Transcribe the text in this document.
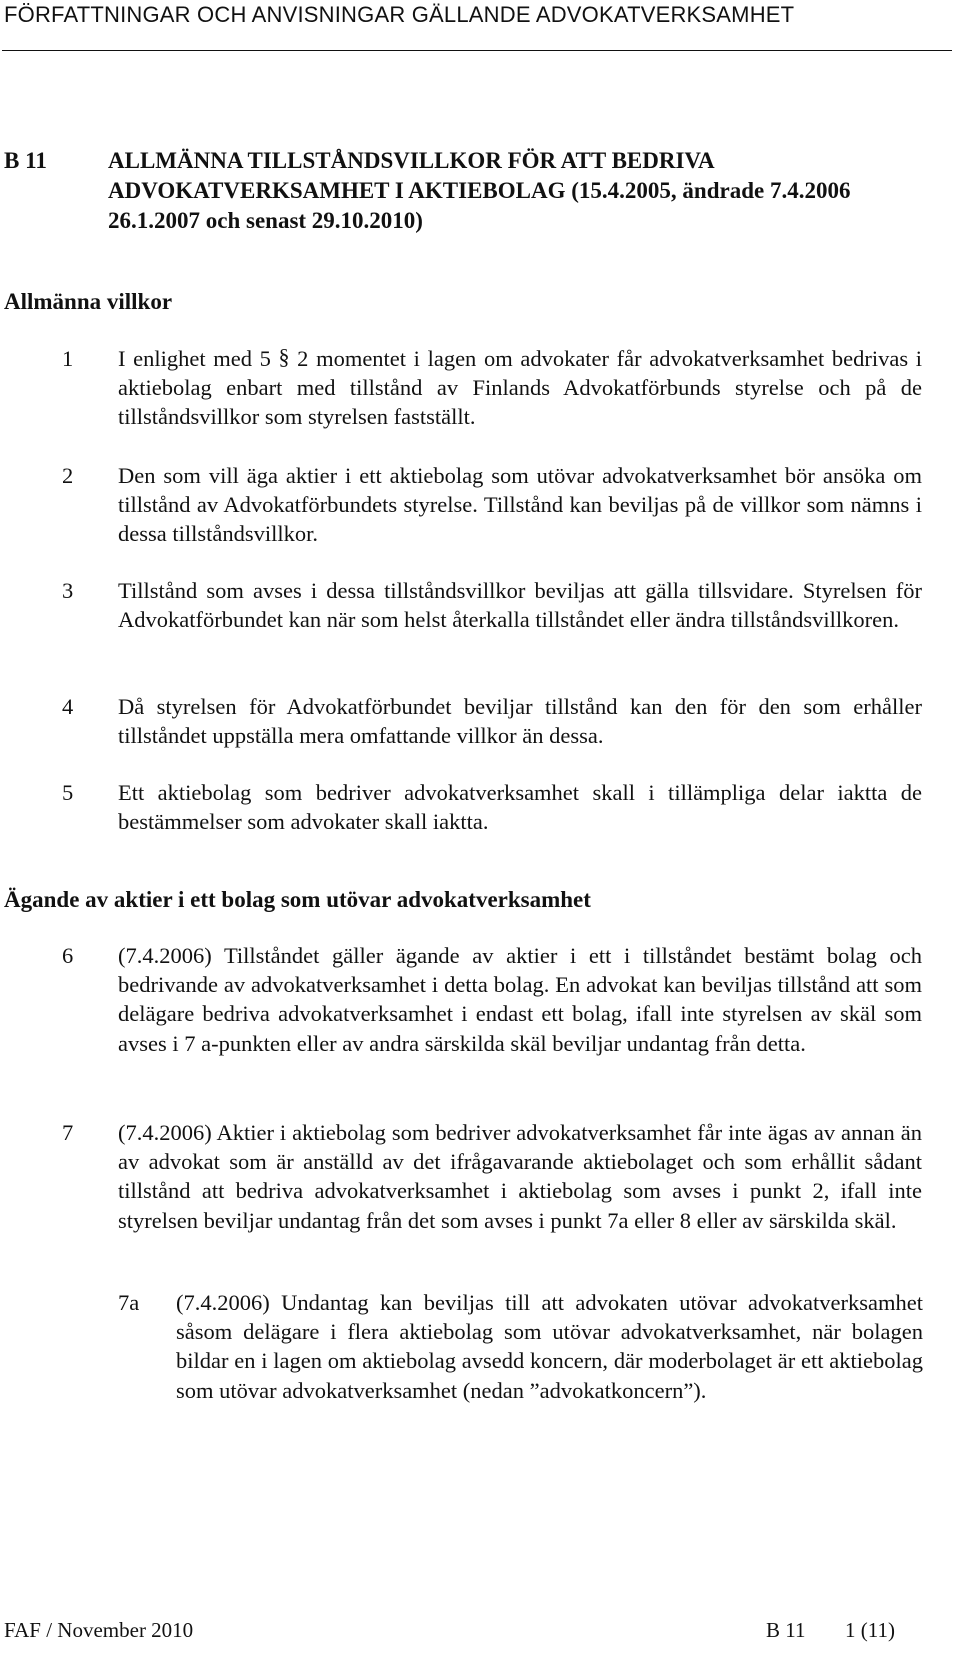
FÖRFATTNINGAR OCH ANVISNINGAR GÄLLANDE ADVOKATVERKSAMHET
B 11	ALLMÄNNA TILLSTÅNDSVILLKOR FÖR ATT BEDRIVA ADVOKATVERKSAMHET I AKTIEBOLAG (15.4.2005, ändrade 7.4.2006 26.1.2007 och senast 29.10.2010)
Allmänna villkor
1 I enlighet med 5 § 2 momentet i lagen om advokater får advokatverksamhet bedrivas i aktiebolag enbart med tillstånd av Finlands Advokatförbunds styrelse och på de tillståndsvillkor som styrelsen fastställt.
2 Den som vill äga aktier i ett aktiebolag som utövar advokatverksamhet bör ansöka om tillstånd av Advokatförbundets styrelse. Tillstånd kan beviljas på de villkor som nämns i dessa tillståndsvillkor.
3 Tillstånd som avses i dessa tillståndsvillkor beviljas att gälla tillsvidare. Styrelsen för Advokatförbundet kan när som helst återkalla tillståndet eller ändra tillståndsvillkoren.
4 Då styrelsen för Advokatförbundet beviljar tillstånd kan den för den som erhåller tillståndet uppställa mera omfattande villkor än dessa.
5 Ett aktiebolag som bedriver advokatverksamhet skall i tillämpliga delar iaktta de bestämmelser som advokater skall iaktta.
Ägande av aktier i ett bolag som utövar advokatverksamhet
6 (7.4.2006) Tillståndet gäller ägande av aktier i ett i tillståndet bestämt bolag och bedrivande av advokatverksamhet i detta bolag. En advokat kan beviljas tillstånd att som delägare bedriva advokatverksamhet i endast ett bolag, ifall inte styrelsen av skäl som avses i 7 a-punkten eller av andra särskilda skäl beviljar undantag från detta.
7 (7.4.2006) Aktier i aktiebolag som bedriver advokatverksamhet får inte ägas av annan än av advokat som är anställd av det ifrågavarande aktiebolaget och som erhållit sådant tillstånd att bedriva advokatverksamhet i aktiebolag som avses i punkt 2, ifall inte styrelsen beviljar undantag från det som avses i punkt 7a eller 8 eller av särskilda skäl.
7a (7.4.2006) Undantag kan beviljas till att advokaten utövar advokatverksamhet såsom delägare i flera aktiebolag som utövar advokatverksamhet, när bolagen bildar en i lagen om aktiebolag avsedd koncern, där moderbolaget är ett aktiebolag som utövar advokatverksamhet (nedan ”advokatkoncern”).
FAF / November 2010	B 11 1 (11)
